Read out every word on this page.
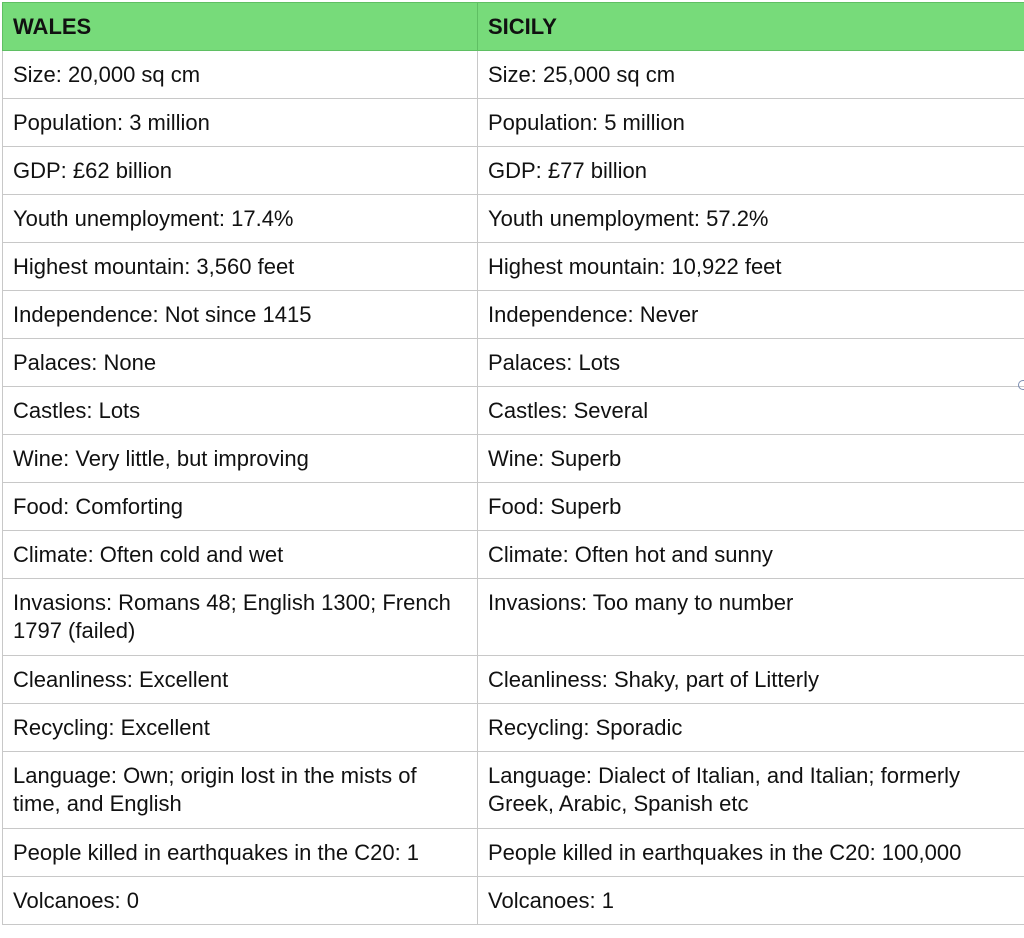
WALES	SICILY
Size: 20,000 sq cm	Size: 25,000 sq cm
Population: 3 million	Population: 5 million
GDP: £62 billion	GDP: £77 billion
Youth unemployment: 17.4%	Youth unemployment: 57.2%
Highest mountain: 3,560 feet	Highest mountain: 10,922 feet
Independence: Not since 1415	Independence: Never
Palaces: None	Palaces: Lots
Castles: Lots	Castles: Several
Wine: Very little, but improving	Wine: Superb
Food: Comforting	Food: Superb
Climate: Often cold and wet	Climate: Often hot and sunny
Invasions: Romans 48; English 1300; French 1797 (failed)	Invasions: Too many to number
Cleanliness: Excellent	Cleanliness: Shaky, part of Litterly
Recycling: Excellent	Recycling: Sporadic
Language: Own; origin lost in the mists of time, and English	Language: Dialect of Italian, and Italian; formerly Greek, Arabic, Spanish etc
People killed in earthquakes in the C20: 1	People killed in earthquakes in the C20: 100,000
Volcanoes: 0	Volcanoes: 1
